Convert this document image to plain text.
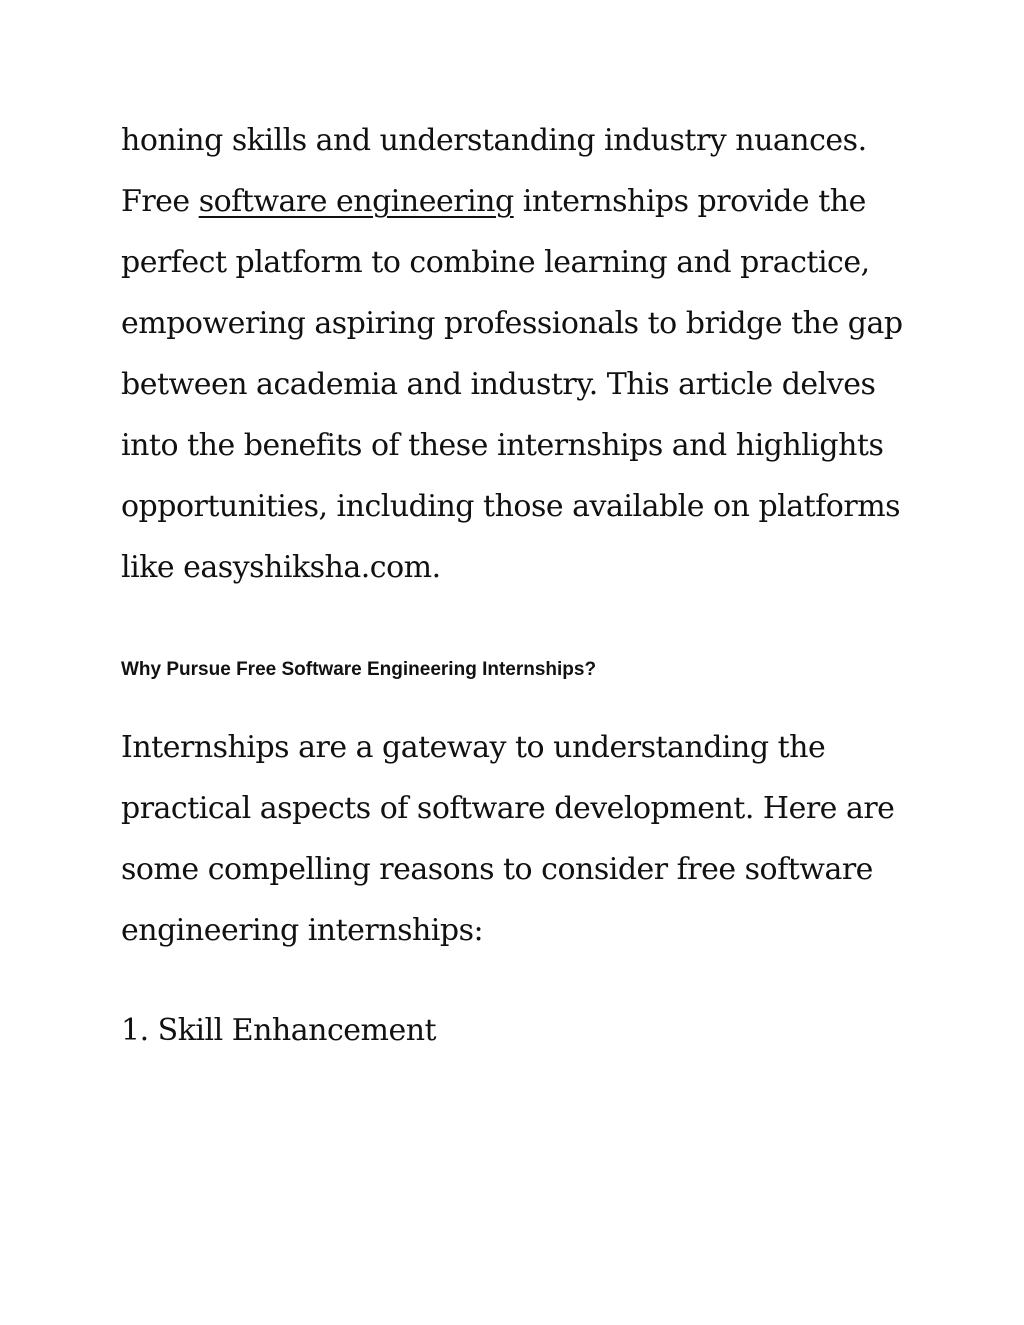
honing skills and understanding industry nuances.
Free software engineering internships provide the
perfect platform to combine learning and practice,
empowering aspiring professionals to bridge the gap
between academia and industry. This article delves
into the benefits of these internships and highlights
opportunities, including those available on platforms
like easyshiksha.com.

Why Pursue Free Software Engineering Internships?

Internships are a gateway to understanding the
practical aspects of software development. Here are
some compelling reasons to consider free software
engineering internships:

1. Skill Enhancement
